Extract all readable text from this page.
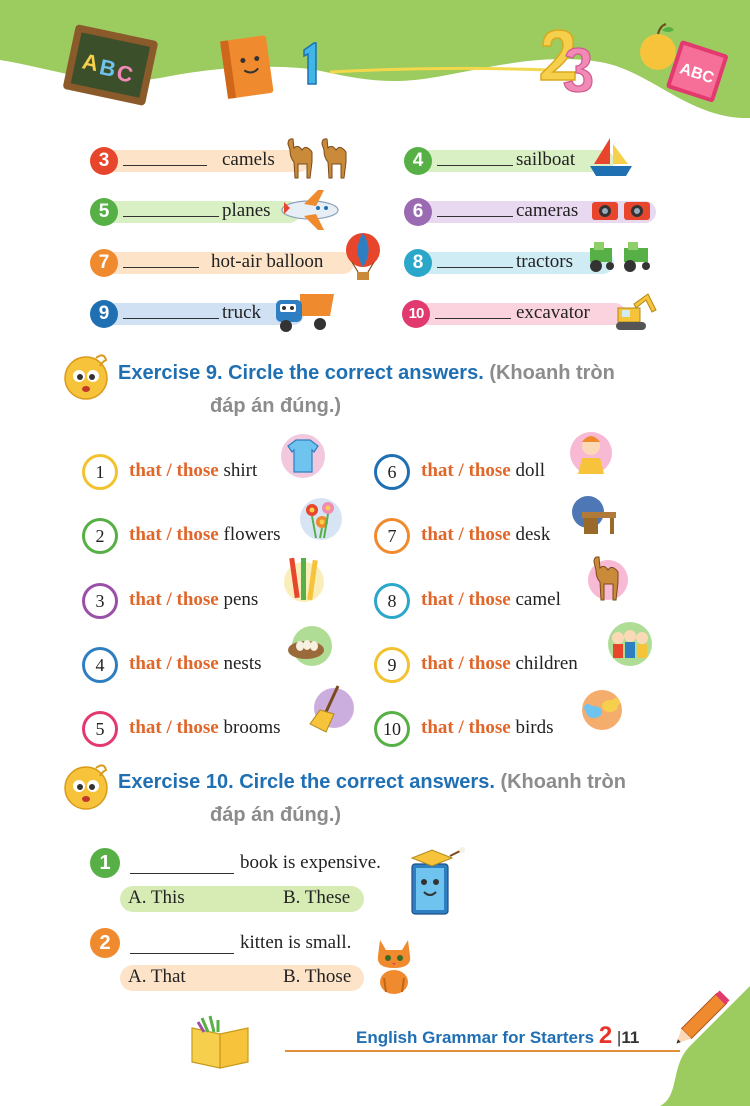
A
B
C	ABC
3	camels	4	sailboat
5	planes	6	cameras
7	hot-air balloon	8	tractors
9	truck	10	excavator
Exercise 9. Circle the correct answers. (Khoanh tròn
đáp án đúng.)
1	that / those shirt
2	that / those flowers
3	that / those pens
4	that / those nests
5	that / those brooms
6	that / those doll
7	that / those desk
8	that / those camel
9	that / those children
10	that / those birds
Exercise 10. Circle the correct answers. (Khoanh tròn
đáp án đúng.)
1	book is expensive.
A. This	B. These
2	kitten is small.
A. That	B. Those
English Grammar for Starters 2 |11
